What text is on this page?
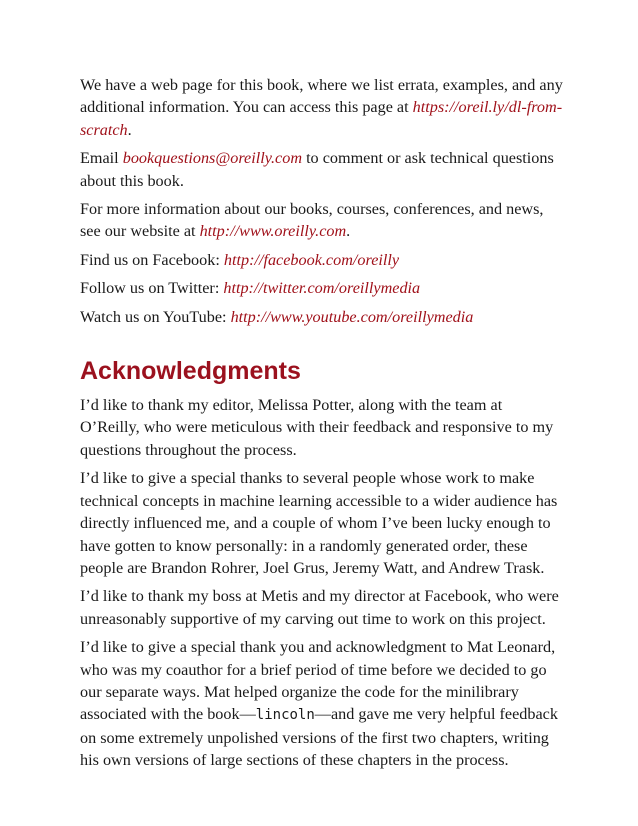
We have a web page for this book, where we list errata, examples, and any additional information. You can access this page at https://oreil.ly/dl-from-scratch.

Email bookquestions@oreilly.com to comment or ask technical questions about this book.

For more information about our books, courses, conferences, and news, see our website at http://www.oreilly.com.

Find us on Facebook: http://facebook.com/oreilly

Follow us on Twitter: http://twitter.com/oreillymedia

Watch us on YouTube: http://www.youtube.com/oreillymedia

Acknowledgments

I’d like to thank my editor, Melissa Potter, along with the team at O’Reilly, who were meticulous with their feedback and responsive to my questions throughout the process.

I’d like to give a special thanks to several people whose work to make technical concepts in machine learning accessible to a wider audience has directly influenced me, and a couple of whom I’ve been lucky enough to have gotten to know personally: in a randomly generated order, these people are Brandon Rohrer, Joel Grus, Jeremy Watt, and Andrew Trask.

I’d like to thank my boss at Metis and my director at Facebook, who were unreasonably supportive of my carving out time to work on this project.

I’d like to give a special thank you and acknowledgment to Mat Leonard, who was my coauthor for a brief period of time before we decided to go our separate ways. Mat helped organize the code for the minilibrary associated with the book—lincoln—and gave me very helpful feedback on some extremely unpolished versions of the first two chapters, writing his own versions of large sections of these chapters in the process.
